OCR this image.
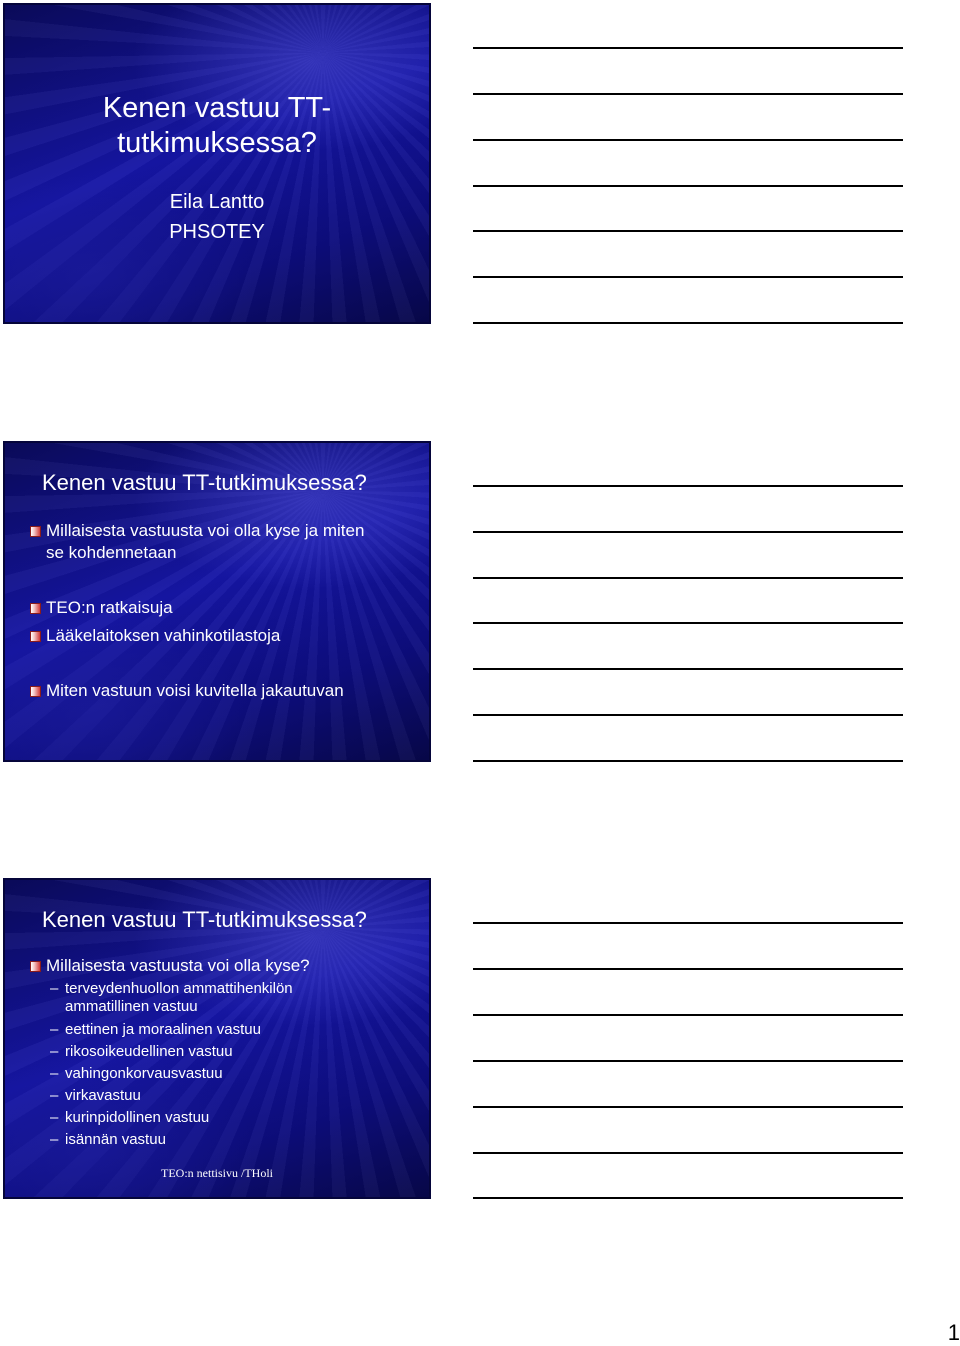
Kenen vastuu TT-
tutkimuksessa?
Eila Lantto
PHSOTEY
Kenen vastuu TT-tutkimuksessa?
Millaisesta vastuusta voi olla kyse ja miten
se kohdennetaan
TEO:n ratkaisuja
Lääkelaitoksen vahinkotilastoja
Miten vastuun voisi kuvitella jakautuvan
Kenen vastuu TT-tutkimuksessa?
Millaisesta vastuusta voi olla kyse?
– terveydenhuollon ammattihenkilön
ammatillinen vastuu
– eettinen ja moraalinen vastuu
– rikosoikeudellinen vastuu
– vahingonkorvausvastuu
– virkavastuu
– kurinpidollinen vastuu
– isännän vastuu
TEO:n nettisivu /THoli
1
